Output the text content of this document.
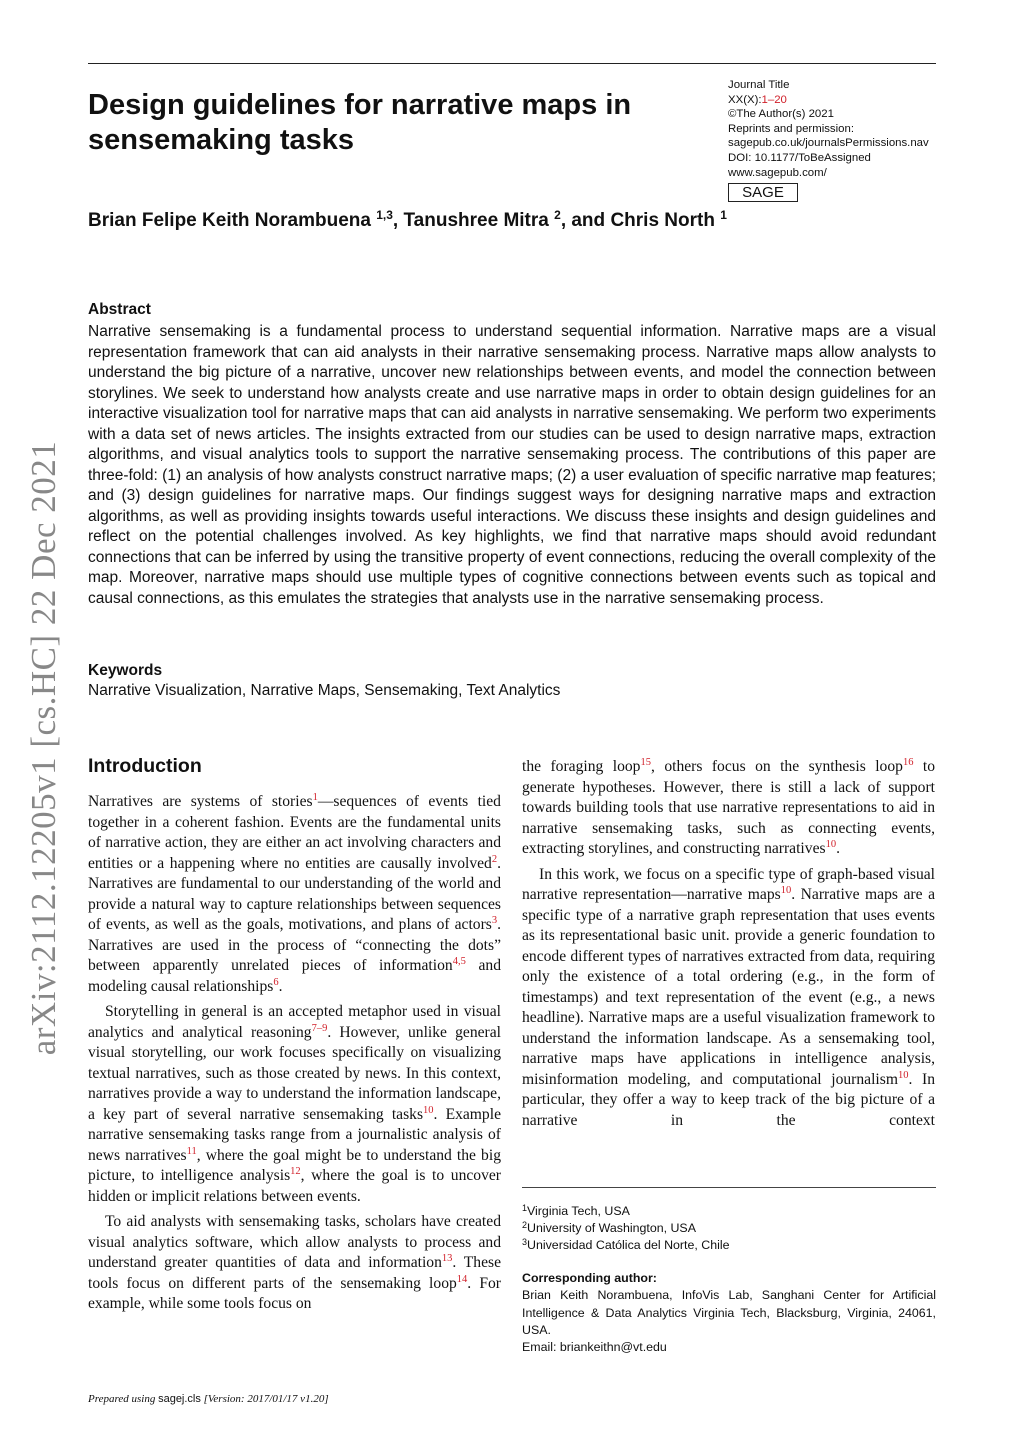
Design guidelines for narrative maps in sensemaking tasks
Journal Title
XX(X):1–20
©The Author(s) 2021
Reprints and permission:
sagepub.co.uk/journalsPermissions.nav
DOI: 10.1177/ToBeAssigned
www.sagepub.com/
SAGE
Brian Felipe Keith Norambuena $^{1,3}$, Tanushree Mitra $^2$, and Chris North $^1$
arXiv:2112.12205v1 [cs.HC] 22 Dec 2021
Abstract
Narrative sensemaking is a fundamental process to understand sequential information. Narrative maps are a visual representation framework that can aid analysts in their narrative sensemaking process. Narrative maps allow analysts to understand the big picture of a narrative, uncover new relationships between events, and model the connection between storylines. We seek to understand how analysts create and use narrative maps in order to obtain design guidelines for an interactive visualization tool for narrative maps that can aid analysts in narrative sensemaking. We perform two experiments with a data set of news articles. The insights extracted from our studies can be used to design narrative maps, extraction algorithms, and visual analytics tools to support the narrative sensemaking process. The contributions of this paper are three-fold: (1) an analysis of how analysts construct narrative maps; (2) a user evaluation of specific narrative map features; and (3) design guidelines for narrative maps. Our findings suggest ways for designing narrative maps and extraction algorithms, as well as providing insights towards useful interactions. We discuss these insights and design guidelines and reflect on the potential challenges involved. As key highlights, we find that narrative maps should avoid redundant connections that can be inferred by using the transitive property of event connections, reducing the overall complexity of the map. Moreover, narrative maps should use multiple types of cognitive connections between events such as topical and causal connections, as this emulates the strategies that analysts use in the narrative sensemaking process.
Keywords
Narrative Visualization, Narrative Maps, Sensemaking, Text Analytics
Introduction

Narratives are systems of stories$^1$—sequences of events tied together in a coherent fashion. Events are the fundamental units of narrative action, they are either an act involving characters and entities or a happening where no entities are causally involved$^2$. Narratives are fundamental to our understanding of the world and provide a natural way to capture relationships between sequences of events, as well as the goals, motivations, and plans of actors$^3$. Narratives are used in the process of “connecting the dots” between apparently unrelated pieces of information$^{4,5}$ and modeling causal relationships$^6$.

Storytelling in general is an accepted metaphor used in visual analytics and analytical reasoning$^{7-9}$. However, unlike general visual storytelling, our work focuses specifically on visualizing textual narratives, such as those created by news. In this context, narratives provide a way to understand the information landscape, a key part of several narrative sensemaking tasks$^{10}$. Example narrative sensemaking tasks range from a journalistic analysis of news narratives$^{11}$, where the goal might be to understand the big picture, to intelligence analysis$^{12}$, where the goal is to uncover hidden or implicit relations between events.

To aid analysts with sensemaking tasks, scholars have created visual analytics software, which allow analysts to process and understand greater quantities of data and information$^{13}$. These tools focus on different parts of the sensemaking loop$^{14}$. For example, while some tools focus on

the foraging loop$^{15}$, others focus on the synthesis loop$^{16}$ to generate hypotheses. However, there is still a lack of support towards building tools that use narrative representations to aid in narrative sensemaking tasks, such as connecting events, extracting storylines, and constructing narratives$^{10}$.

In this work, we focus on a specific type of graph-based visual narrative representation—narrative maps$^{10}$. Narrative maps are a specific type of a narrative graph representation that uses events as its representational basic unit. provide a generic foundation to encode different types of narratives extracted from data, requiring only the existence of a total ordering (e.g., in the form of timestamps) and text representation of the event (e.g., a news headline). Narrative maps are a useful visualization framework to understand the information landscape. As a sensemaking tool, narrative maps have applications in intelligence analysis, misinformation modeling, and computational journalism$^{10}$. In particular, they offer a way to keep track of the big picture of a narrative in the context

$^1$Virginia Tech, USA
$^2$University of Washington, USA
$^3$Universidad Católica del Norte, Chile
Corresponding author:
Brian Keith Norambuena, InfoVis Lab, Sanghani Center for Artificial Intelligence & Data Analytics Virginia Tech, Blacksburg, Virginia, 24061, USA.
Email: briankeithn@vt.edu
Prepared using sagej.cls [Version: 2017/01/17 v1.20]
